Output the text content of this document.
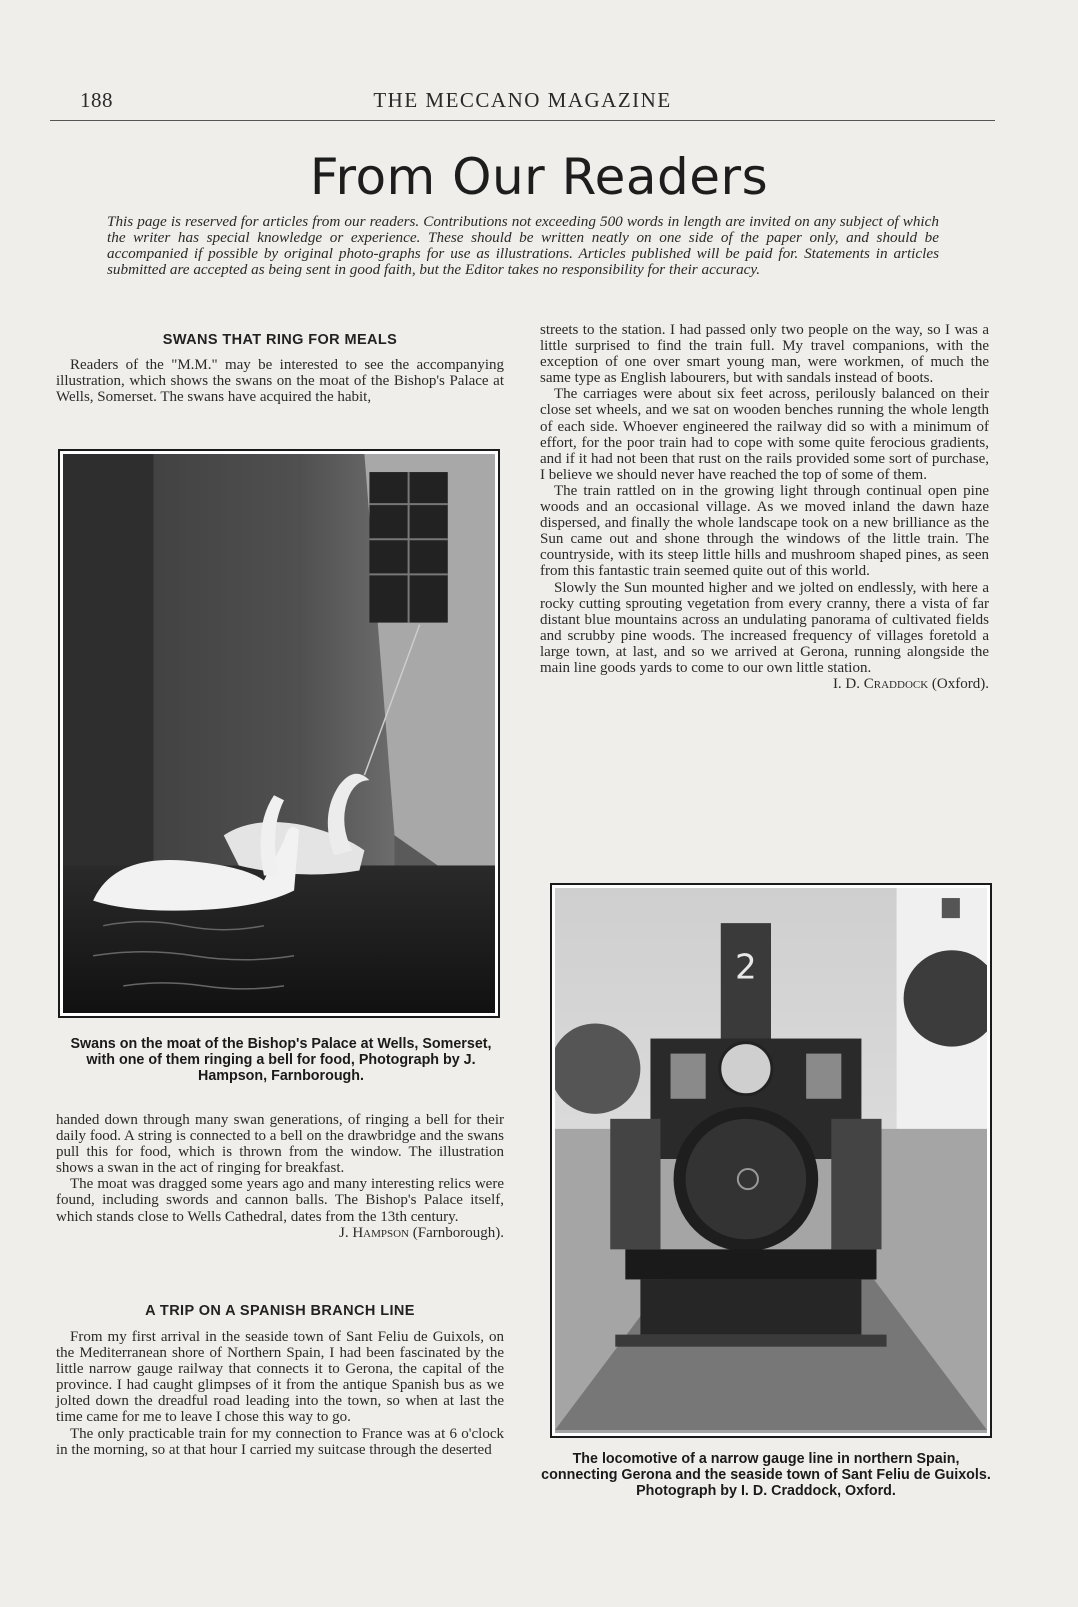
188	THE MECCANO MAGAZINE
From Our Readers
This page is reserved for articles from our readers. Contributions not exceeding 500 words in length are invited on any subject of which the writer has special knowledge or experience. These should be written neatly on one side of the paper only, and should be accompanied if possible by original photo-graphs for use as illustrations. Articles published will be paid for. Statements in articles submitted are accepted as being sent in good faith, but the Editor takes no responsibility for their accuracy.
SWANS THAT RING FOR MEALS

Readers of the "M.M." may be interested to see the accompanying illustration, which shows the swans on the moat of the Bishop's Palace at Wells, Somerset. The swans have acquired the habit,

Swans on the moat of the Bishop's Palace at Wells, Somerset, with one of them ringing a bell for food, Photograph by J. Hampson, Farnborough.

handed down through many swan generations, of ringing a bell for their daily food. A string is connected to a bell on the drawbridge and the swans pull this for food, which is thrown from the window. The illustration shows a swan in the act of ringing for breakfast.

The moat was dragged some years ago and many interesting relics were found, including swords and cannon balls. The Bishop's Palace itself, which stands close to Wells Cathedral, dates from the 13th century.

J. Hampson (Farnborough).

A TRIP ON A SPANISH BRANCH LINE

From my first arrival in the seaside town of Sant Feliu de Guixols, on the Mediterranean shore of Northern Spain, I had been fascinated by the little narrow gauge railway that connects it to Gerona, the capital of the province. I had caught glimpses of it from the antique Spanish bus as we jolted down the dreadful road leading into the town, so when at last the time came for me to leave I chose this way to go.

The only practicable train for my connection to France was at 6 o'clock in the morning, so at that hour I carried my suitcase through the deserted

streets to the station. I had passed only two people on the way, so I was a little surprised to find the train full. My travel companions, with the exception of one over smart young man, were workmen, of much the same type as English labourers, but with sandals instead of boots.

The carriages were about six feet across, perilously balanced on their close set wheels, and we sat on wooden benches running the whole length of each side. Whoever engineered the railway did so with a minimum of effort, for the poor train had to cope with some quite ferocious gradients, and if it had not been that rust on the rails provided some sort of purchase, I believe we should never have reached the top of some of them.

The train rattled on in the growing light through continual open pine woods and an occasional village. As we moved inland the dawn haze dispersed, and finally the whole landscape took on a new brilliance as the Sun came out and shone through the windows of the little train. The countryside, with its steep little hills and mushroom shaped pines, as seen from this fantastic train seemed quite out of this world.

Slowly the Sun mounted higher and we jolted on endlessly, with here a rocky cutting sprouting vegetation from every cranny, there a vista of far distant blue mountains across an undulating panorama of cultivated fields and scrubby pine woods. The increased frequency of villages foretold a large town, at last, and so we arrived at Gerona, running alongside the main line goods yards to come to our own little station.

I. D. Craddock (Oxford).

2
The locomotive of a narrow gauge line in northern Spain, connecting Gerona and the seaside town of Sant Feliu de Guixols. Photograph by I. D. Craddock, Oxford.
